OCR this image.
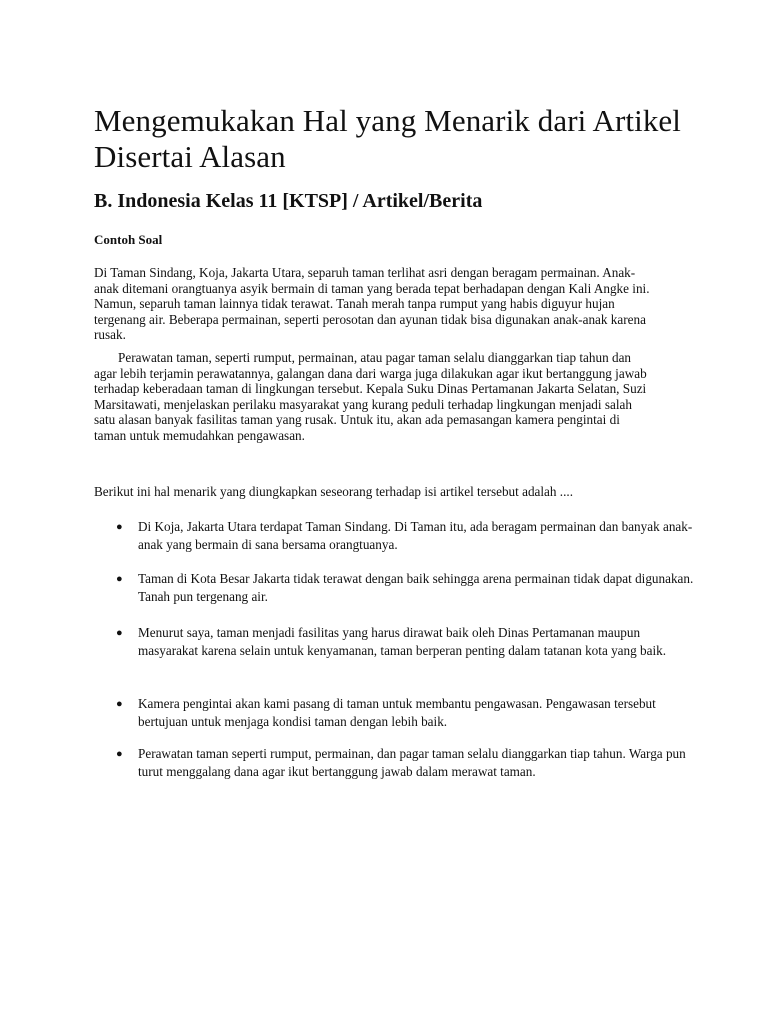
Mengemukakan Hal yang Menarik dari Artikel Disertai Alasan
B. Indonesia Kelas 11 [KTSP] / Artikel/Berita

Contoh Soal

Di Taman Sindang, Koja, Jakarta Utara, separuh taman terlihat asri dengan beragam permainan. Anak-anak ditemani orangtuanya asyik bermain di taman yang berada tepat berhadapan dengan Kali Angke ini. Namun, separuh taman lainnya tidak terawat. Tanah merah tanpa rumput yang habis diguyur hujan tergenang air. Beberapa permainan, seperti perosotan dan ayunan tidak bisa digunakan anak-anak karena rusak.

Perawatan taman, seperti rumput, permainan, atau pagar taman selalu dianggarkan tiap tahun dan agar lebih terjamin perawatannya, galangan dana dari warga juga dilakukan agar ikut bertanggung jawab terhadap keberadaan taman di lingkungan tersebut. Kepala Suku Dinas Pertamanan Jakarta Selatan, Suzi Marsitawati, menjelaskan perilaku masyarakat yang kurang peduli terhadap lingkungan menjadi salah satu alasan banyak fasilitas taman yang rusak. Untuk itu, akan ada pemasangan kamera pengintai di taman untuk memudahkan pengawasan.

Berikut ini hal menarik yang diungkapkan seseorang terhadap isi artikel tersebut adalah ....

● Di Koja, Jakarta Utara terdapat Taman Sindang. Di Taman itu, ada beragam permainan dan banyak anak-anak yang bermain di sana bersama orangtuanya.
● Taman di Kota Besar Jakarta tidak terawat dengan baik sehingga arena permainan tidak dapat digunakan. Tanah pun tergenang air.
● Menurut saya, taman menjadi fasilitas yang harus dirawat baik oleh Dinas Pertamanan maupun masyarakat karena selain untuk kenyamanan, taman berperan penting dalam tatanan kota yang baik.
● Kamera pengintai akan kami pasang di taman untuk membantu pengawasan. Pengawasan tersebut bertujuan untuk menjaga kondisi taman dengan lebih baik.
● Perawatan taman seperti rumput, permainan, dan pagar taman selalu dianggarkan tiap tahun. Warga pun turut menggalang dana agar ikut bertanggung jawab dalam merawat taman.
